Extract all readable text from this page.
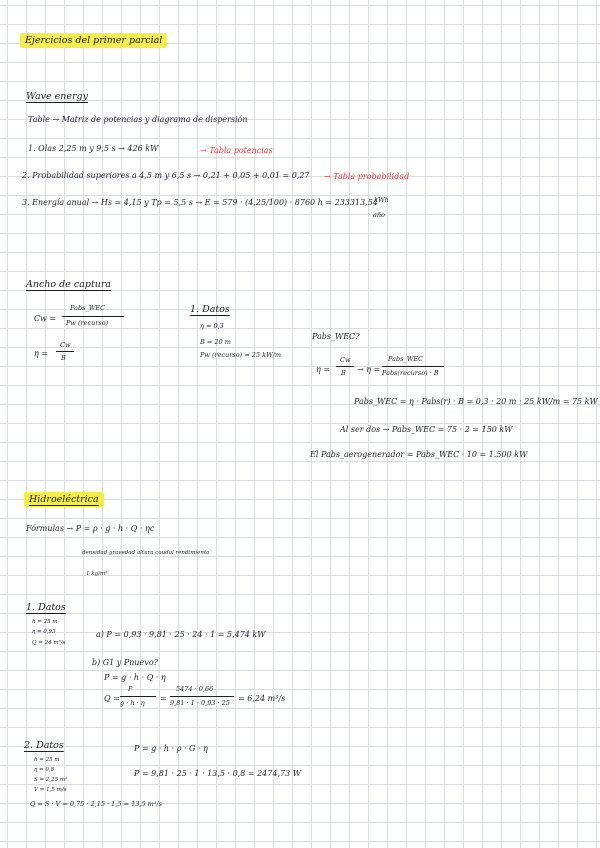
Ejercicios del primer parcial
Wave energy
Table → Matriz de potencias y diagrama de dispersión
1. Olas 2,25 m y 9,5 s → 426 kW	→ Tabla potencias
2. Probabilidad superiores a 4,5 m y 6,5 s → 0,21 + 0,05 + 0,01 = 0,27 → Tabla probabilidad
3. Energía anual → Hs = 4,15 y Tp = 5,5 s → E = 579 · (4,25/100) · 8760 h = 233313,54
kWh
año
Ancho de captura
Cw =
Pabs_WEC
Pw (recurso)
η =
Cw
B
1. Datos
η = 0,3
B = 20 m
Pw (recurso) = 25 kW/m
Pabs_WEC?
η =
Cw
B → η =
Pabs_WEC
Pabs(recurso) · B
Pabs_WEC = η · Pabs(r) · B = 0,3 · 20 m · 25 kW/m = 75 kW
Al ser dos → Pabs_WEC = 75 · 2 = 150 kW
El Pabs_aerogenerador = Pabs_WEC · 10 = 1.500 kW
Hidroeléctrica
Fórmulas → P = ρ · g · h · Q · ηc
densidad gravedad altura caudal rendimiento
1 kg/m³
1. Datos
h = 25 m
η = 0,93
Q = 24 m³/s
a) P = 0,93 · 9,81 · 25 · 24 · 1 = 5,474 kW
b) G1 y Pnuevo?
P = g · h · Q · η
Q =
P
g · h · η =
5474 · 0,66
9,81 · 1 · 0,93 · 25 = 6,24 m³/s
2. Datos
h = 25 m
η = 0,8
S = 2,25 m²
V = 1,5 m/s
P = g · h · ρ · G · η
P = 9,81 · 25 · 1 · 13,5 · 0,8 = 2474,73 W
Q = S · V = 0,75 · 2,15 · 1,5 = 13,5 m³/s
